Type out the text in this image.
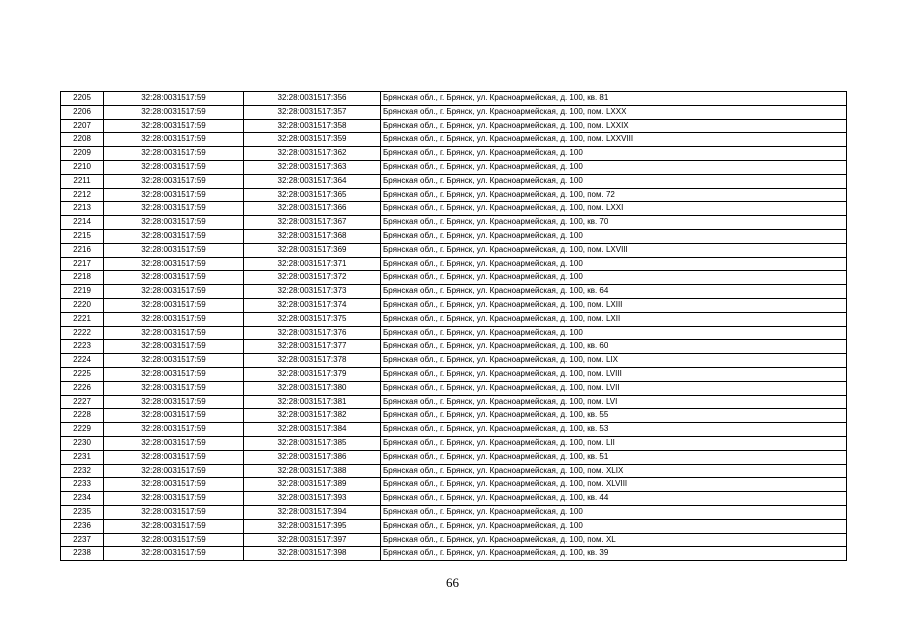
2205	32:28:0031517:59	32:28:0031517:356	Брянская обл., г. Брянск, ул. Красноармейская, д. 100, кв. 81
2206	32:28:0031517:59	32:28:0031517:357	Брянская обл., г. Брянск, ул. Красноармейская, д. 100, пом. LXXX
2207	32:28:0031517:59	32:28:0031517:358	Брянская обл., г. Брянск, ул. Красноармейская, д. 100, пом. LXXIX
2208	32:28:0031517:59	32:28:0031517:359	Брянская обл., г. Брянск, ул. Красноармейская, д. 100, пом. LXXVIII
2209	32:28:0031517:59	32:28:0031517:362	Брянская обл., г. Брянск, ул. Красноармейская, д. 100
2210	32:28:0031517:59	32:28:0031517:363	Брянская обл., г. Брянск, ул. Красноармейская, д. 100
2211	32:28:0031517:59	32:28:0031517:364	Брянская обл., г. Брянск, ул. Красноармейская, д. 100
2212	32:28:0031517:59	32:28:0031517:365	Брянская обл., г. Брянск, ул. Красноармейская, д. 100, пом. 72
2213	32:28:0031517:59	32:28:0031517:366	Брянская обл., г. Брянск, ул. Красноармейская, д. 100, пом. LXXI
2214	32:28:0031517:59	32:28:0031517:367	Брянская обл., г. Брянск, ул. Красноармейская, д. 100, кв. 70
2215	32:28:0031517:59	32:28:0031517:368	Брянская обл., г. Брянск, ул. Красноармейская, д. 100
2216	32:28:0031517:59	32:28:0031517:369	Брянская обл., г. Брянск, ул. Красноармейская, д. 100, пом. LXVIII
2217	32:28:0031517:59	32:28:0031517:371	Брянская обл., г. Брянск, ул. Красноармейская, д. 100
2218	32:28:0031517:59	32:28:0031517:372	Брянская обл., г. Брянск, ул. Красноармейская, д. 100
2219	32:28:0031517:59	32:28:0031517:373	Брянская обл., г. Брянск, ул. Красноармейская, д. 100, кв. 64
2220	32:28:0031517:59	32:28:0031517:374	Брянская обл., г. Брянск, ул. Красноармейская, д. 100, пом. LXIII
2221	32:28:0031517:59	32:28:0031517:375	Брянская обл., г. Брянск, ул. Красноармейская, д. 100, пом. LXII
2222	32:28:0031517:59	32:28:0031517:376	Брянская обл., г. Брянск, ул. Красноармейская, д. 100
2223	32:28:0031517:59	32:28:0031517:377	Брянская обл., г. Брянск, ул. Красноармейская, д. 100, кв. 60
2224	32:28:0031517:59	32:28:0031517:378	Брянская обл., г. Брянск, ул. Красноармейская, д. 100, пом. LIX
2225	32:28:0031517:59	32:28:0031517:379	Брянская обл., г. Брянск, ул. Красноармейская, д. 100, пом. LVIII
2226	32:28:0031517:59	32:28:0031517:380	Брянская обл., г. Брянск, ул. Красноармейская, д. 100, пом. LVII
2227	32:28:0031517:59	32:28:0031517:381	Брянская обл., г. Брянск, ул. Красноармейская, д. 100, пом. LVI
2228	32:28:0031517:59	32:28:0031517:382	Брянская обл., г. Брянск, ул. Красноармейская, д. 100, кв. 55
2229	32:28:0031517:59	32:28:0031517:384	Брянская обл., г. Брянск, ул. Красноармейская, д. 100, кв. 53
2230	32:28:0031517:59	32:28:0031517:385	Брянская обл., г. Брянск, ул. Красноармейская, д. 100, пом. LII
2231	32:28:0031517:59	32:28:0031517:386	Брянская обл., г. Брянск, ул. Красноармейская, д. 100, кв. 51
2232	32:28:0031517:59	32:28:0031517:388	Брянская обл., г. Брянск, ул. Красноармейская, д. 100, пом. XLIX
2233	32:28:0031517:59	32:28:0031517:389	Брянская обл., г. Брянск, ул. Красноармейская, д. 100, пом. XLVIII
2234	32:28:0031517:59	32:28:0031517:393	Брянская обл., г. Брянск, ул. Красноармейская, д. 100, кв. 44
2235	32:28:0031517:59	32:28:0031517:394	Брянская обл., г. Брянск, ул. Красноармейская, д. 100
2236	32:28:0031517:59	32:28:0031517:395	Брянская обл., г. Брянск, ул. Красноармейская, д. 100
2237	32:28:0031517:59	32:28:0031517:397	Брянская обл., г. Брянск, ул. Красноармейская, д. 100, пом. XL
2238	32:28:0031517:59	32:28:0031517:398	Брянская обл., г. Брянск, ул. Красноармейская, д. 100, кв. 39
66
